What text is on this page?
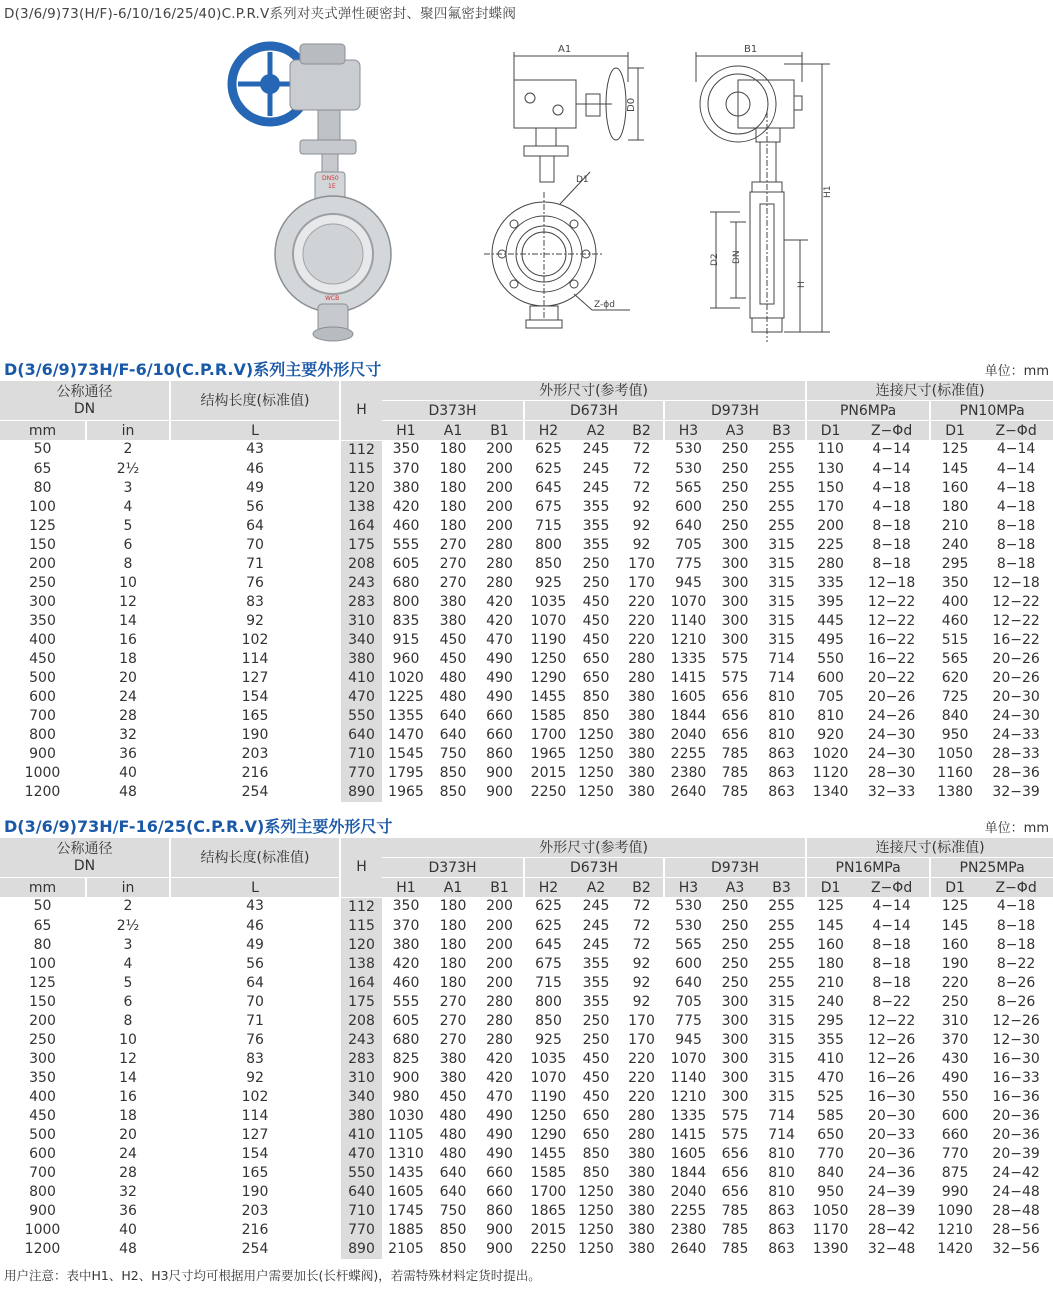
D(3/6/9)73(H/F)-6/10/16/25/40)C.P.R.V系列对夹式弹性硬密封、聚四氟密封蝶阀
DN50
1E
WCB
A1
D0
D1
Z-ϕd
B1
D2 DN
H1
H
D(3/6/9)73H/F-6/10(C.P.R.V)系列主要外形尺寸	单位：mm
公称通径
DN		结构长度(标准值)	H	外形尺寸(参考值)									连接尺寸(标准值)			
				D373H			D673H			D973H			PN6MPa		PN10MPa	
mm	in	L		H1	A1	B1	H2	A2	B2	H3	A3	B3	D1	Z−Φd	D1	Z−Φd
50	2	43	112	350	180	200	625	245	72	530	250	255	110	4−14	125	4−14
65	2½	46	115	370	180	200	625	245	72	530	250	255	130	4−14	145	4−14
80	3	49	120	380	180	200	645	245	72	565	250	255	150	4−18	160	4−18
100	4	56	138	420	180	200	675	355	92	600	250	255	170	4−18	180	4−18
125	5	64	164	460	180	200	715	355	92	640	250	255	200	8−18	210	8−18
150	6	70	175	555	270	280	800	355	92	705	300	315	225	8−18	240	8−18
200	8	71	208	605	270	280	850	250	170	775	300	315	280	8−18	295	8−18
250	10	76	243	680	270	280	925	250	170	945	300	315	335	12−18	350	12−18
300	12	83	283	800	380	420	1035	450	220	1070	300	315	395	12−22	400	12−22
350	14	92	310	835	380	420	1070	450	220	1140	300	315	445	12−22	460	12−22
400	16	102	340	915	450	470	1190	450	220	1210	300	315	495	16−22	515	16−22
450	18	114	380	960	450	490	1250	650	280	1335	575	714	550	16−22	565	20−26
500	20	127	410	1020	480	490	1290	650	280	1415	575	714	600	20−22	620	20−26
600	24	154	470	1225	480	490	1455	850	380	1605	656	810	705	20−26	725	20−30
700	28	165	550	1355	640	660	1585	850	380	1844	656	810	810	24−26	840	24−30
800	32	190	640	1470	640	660	1700	1250	380	2040	656	810	920	24−30	950	24−33
900	36	203	710	1545	750	860	1965	1250	380	2255	785	863	1020	24−30	1050	28−33
1000	40	216	770	1795	850	900	2015	1250	380	2380	785	863	1120	28−30	1160	28−36
1200	48	254	890	1965	850	900	2250	1250	380	2640	785	863	1340	32−33	1380	32−39
D(3/6/9)73H/F-16/25(C.P.R.V)系列主要外形尺寸	单位：mm
公称通径
DN		结构长度(标准值)	H	外形尺寸(参考值)									连接尺寸(标准值)			
				D373H			D673H			D973H			PN16MPa		PN25MPa	
mm	in	L		H1	A1	B1	H2	A2	B2	H3	A3	B3	D1	Z−Φd	D1	Z−Φd
50	2	43	112	350	180	200	625	245	72	530	250	255	125	4−14	125	4−18
65	2½	46	115	370	180	200	625	245	72	530	250	255	145	4−14	145	8−18
80	3	49	120	380	180	200	645	245	72	565	250	255	160	8−18	160	8−18
100	4	56	138	420	180	200	675	355	92	600	250	255	180	8−18	190	8−22
125	5	64	164	460	180	200	715	355	92	640	250	255	210	8−18	220	8−26
150	6	70	175	555	270	280	800	355	92	705	300	315	240	8−22	250	8−26
200	8	71	208	605	270	280	850	250	170	775	300	315	295	12−22	310	12−26
250	10	76	243	680	270	280	925	250	170	945	300	315	355	12−26	370	12−30
300	12	83	283	825	380	420	1035	450	220	1070	300	315	410	12−26	430	16−30
350	14	92	310	900	380	420	1070	450	220	1140	300	315	470	16−26	490	16−33
400	16	102	340	980	450	470	1190	450	220	1210	300	315	525	16−30	550	16−36
450	18	114	380	1030	480	490	1250	650	280	1335	575	714	585	20−30	600	20−36
500	20	127	410	1105	480	490	1290	650	280	1415	575	714	650	20−33	660	20−36
600	24	154	470	1310	480	490	1455	850	380	1605	656	810	770	20−36	770	20−39
700	28	165	550	1435	640	660	1585	850	380	1844	656	810	840	24−36	875	24−42
800	32	190	640	1605	640	660	1700	1250	380	2040	656	810	950	24−39	990	24−48
900	36	203	710	1745	750	860	1865	1250	380	2255	785	863	1050	28−39	1090	28−48
1000	40	216	770	1885	850	900	2015	1250	380	2380	785	863	1170	28−42	1210	28−56
1200	48	254	890	2105	850	900	2250	1250	380	2640	785	863	1390	32−48	1420	32−56
用户注意：表中H1、H2、H3尺寸均可根据用户需要加长(长杆蝶阀)，若需特殊材料定货时提出。
